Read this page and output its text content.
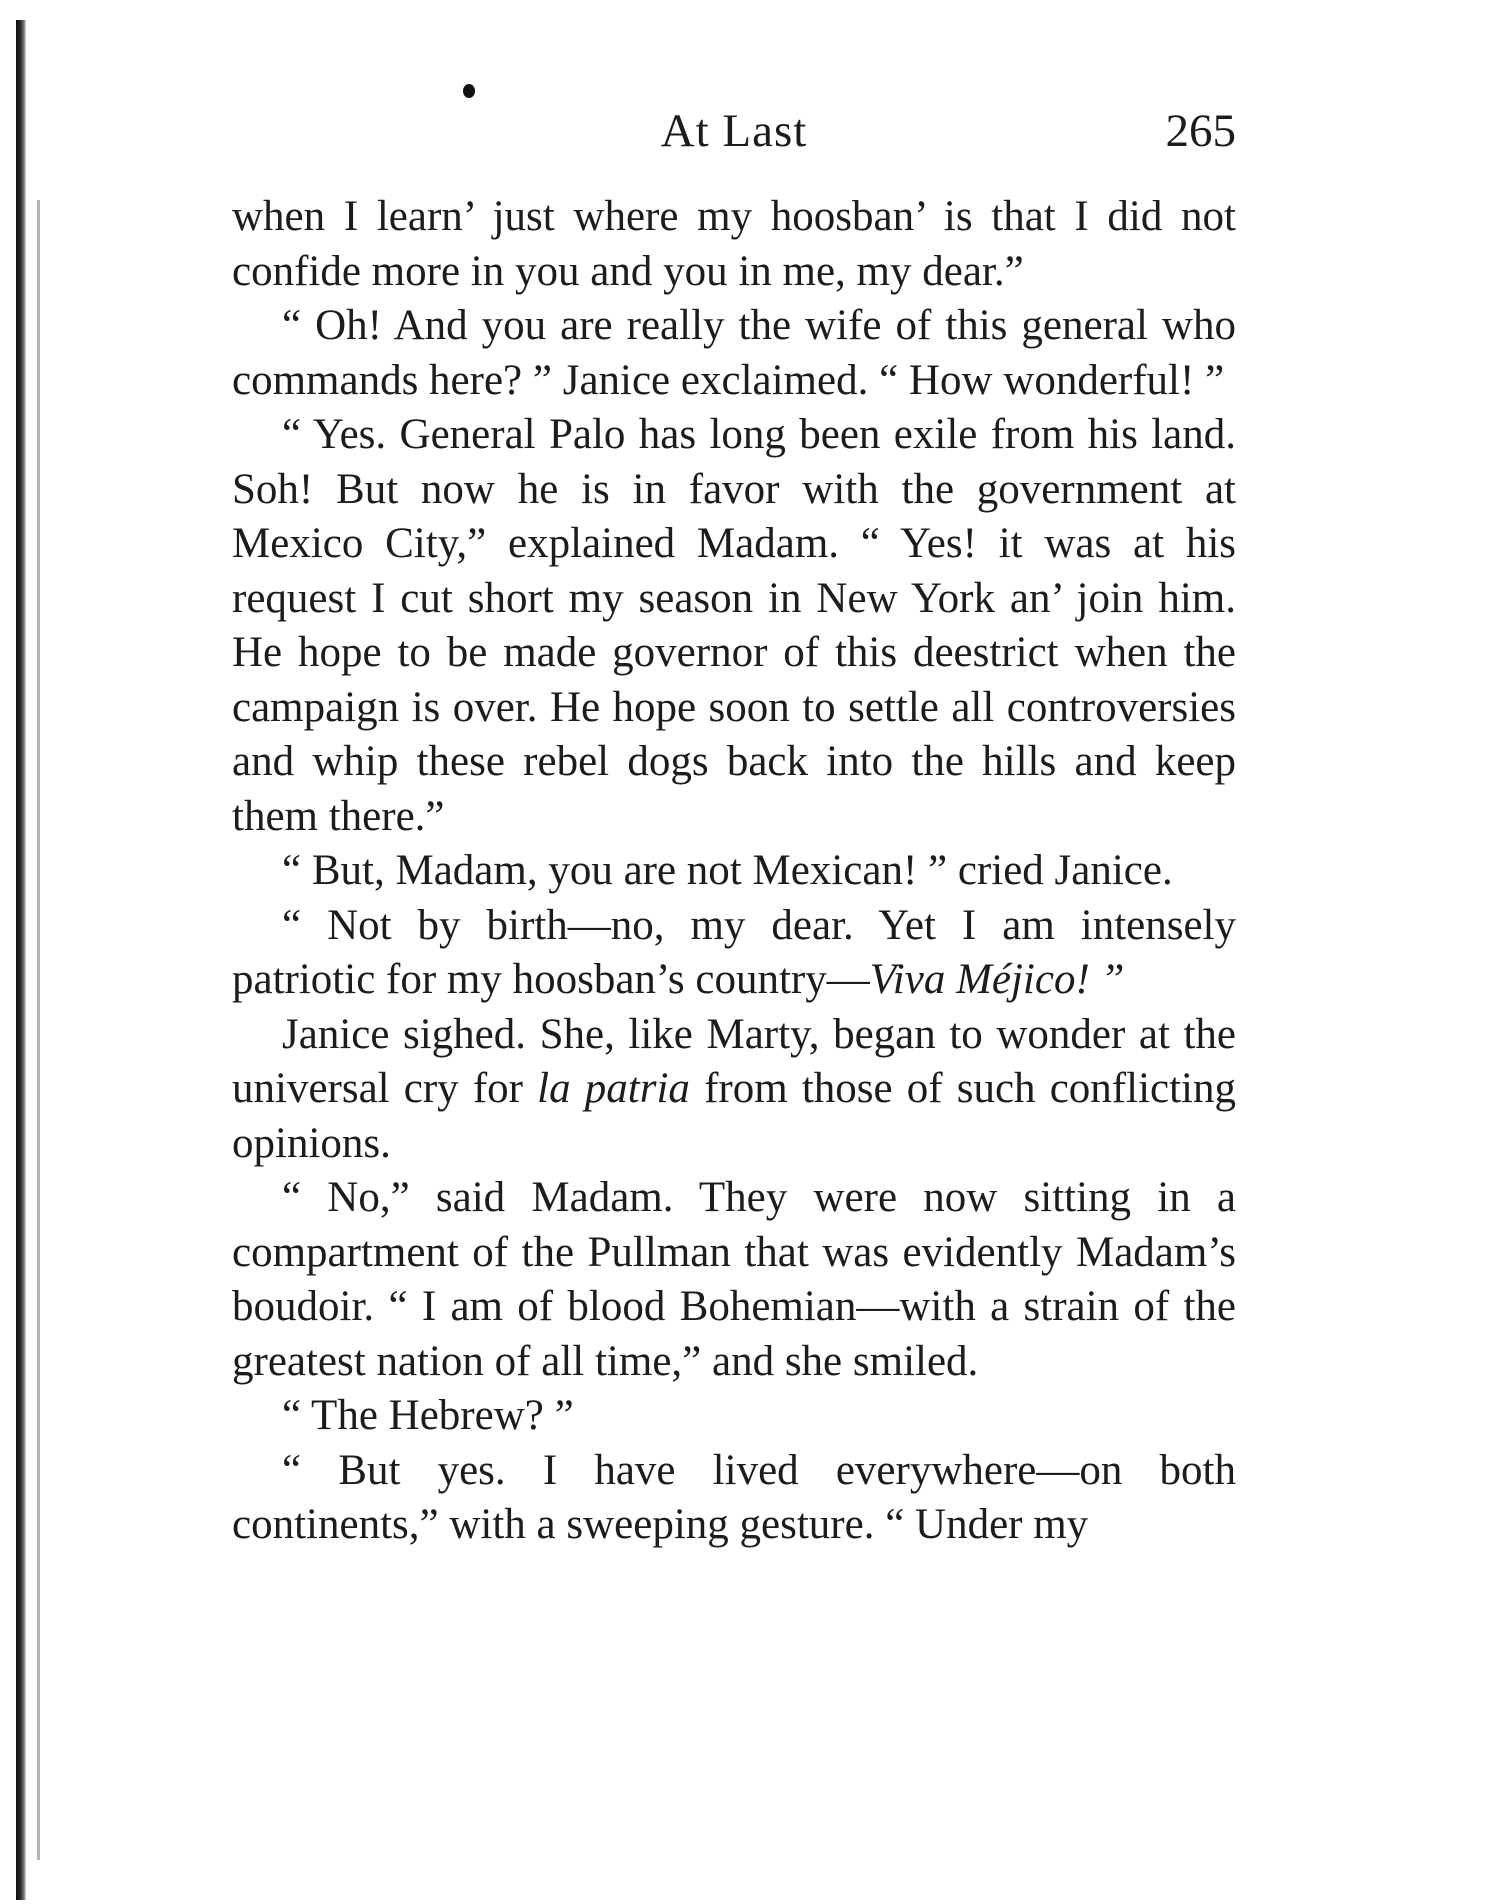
At Last	265

when I learn’ just where my hoosban’ is that I did not confide more in you and you in me, my dear.”

“ Oh! And you are really the wife of this general who commands here? ” Janice exclaimed. “ How wonderful! ”

“ Yes. General Palo has long been exile from his land. Soh! But now he is in favor with the government at Mexico City,” explained Madam. “ Yes! it was at his request I cut short my season in New York an’ join him. He hope to be made governor of this deestrict when the campaign is over. He hope soon to settle all controversies and whip these rebel dogs back into the hills and keep them there.”

“ But, Madam, you are not Mexican! ” cried Janice.

“ Not by birth—no, my dear. Yet I am intensely patriotic for my hoosban’s country—Viva Méjico! ”

Janice sighed. She, like Marty, began to wonder at the universal cry for la patria from those of such conflicting opinions.

“ No,” said Madam. They were now sitting in a compartment of the Pullman that was evidently Madam’s boudoir. “ I am of blood Bohemian—with a strain of the greatest nation of all time,” and she smiled.

“ The Hebrew? ”

“ But yes. I have lived everywhere—on both continents,” with a sweeping gesture. “ Under my
